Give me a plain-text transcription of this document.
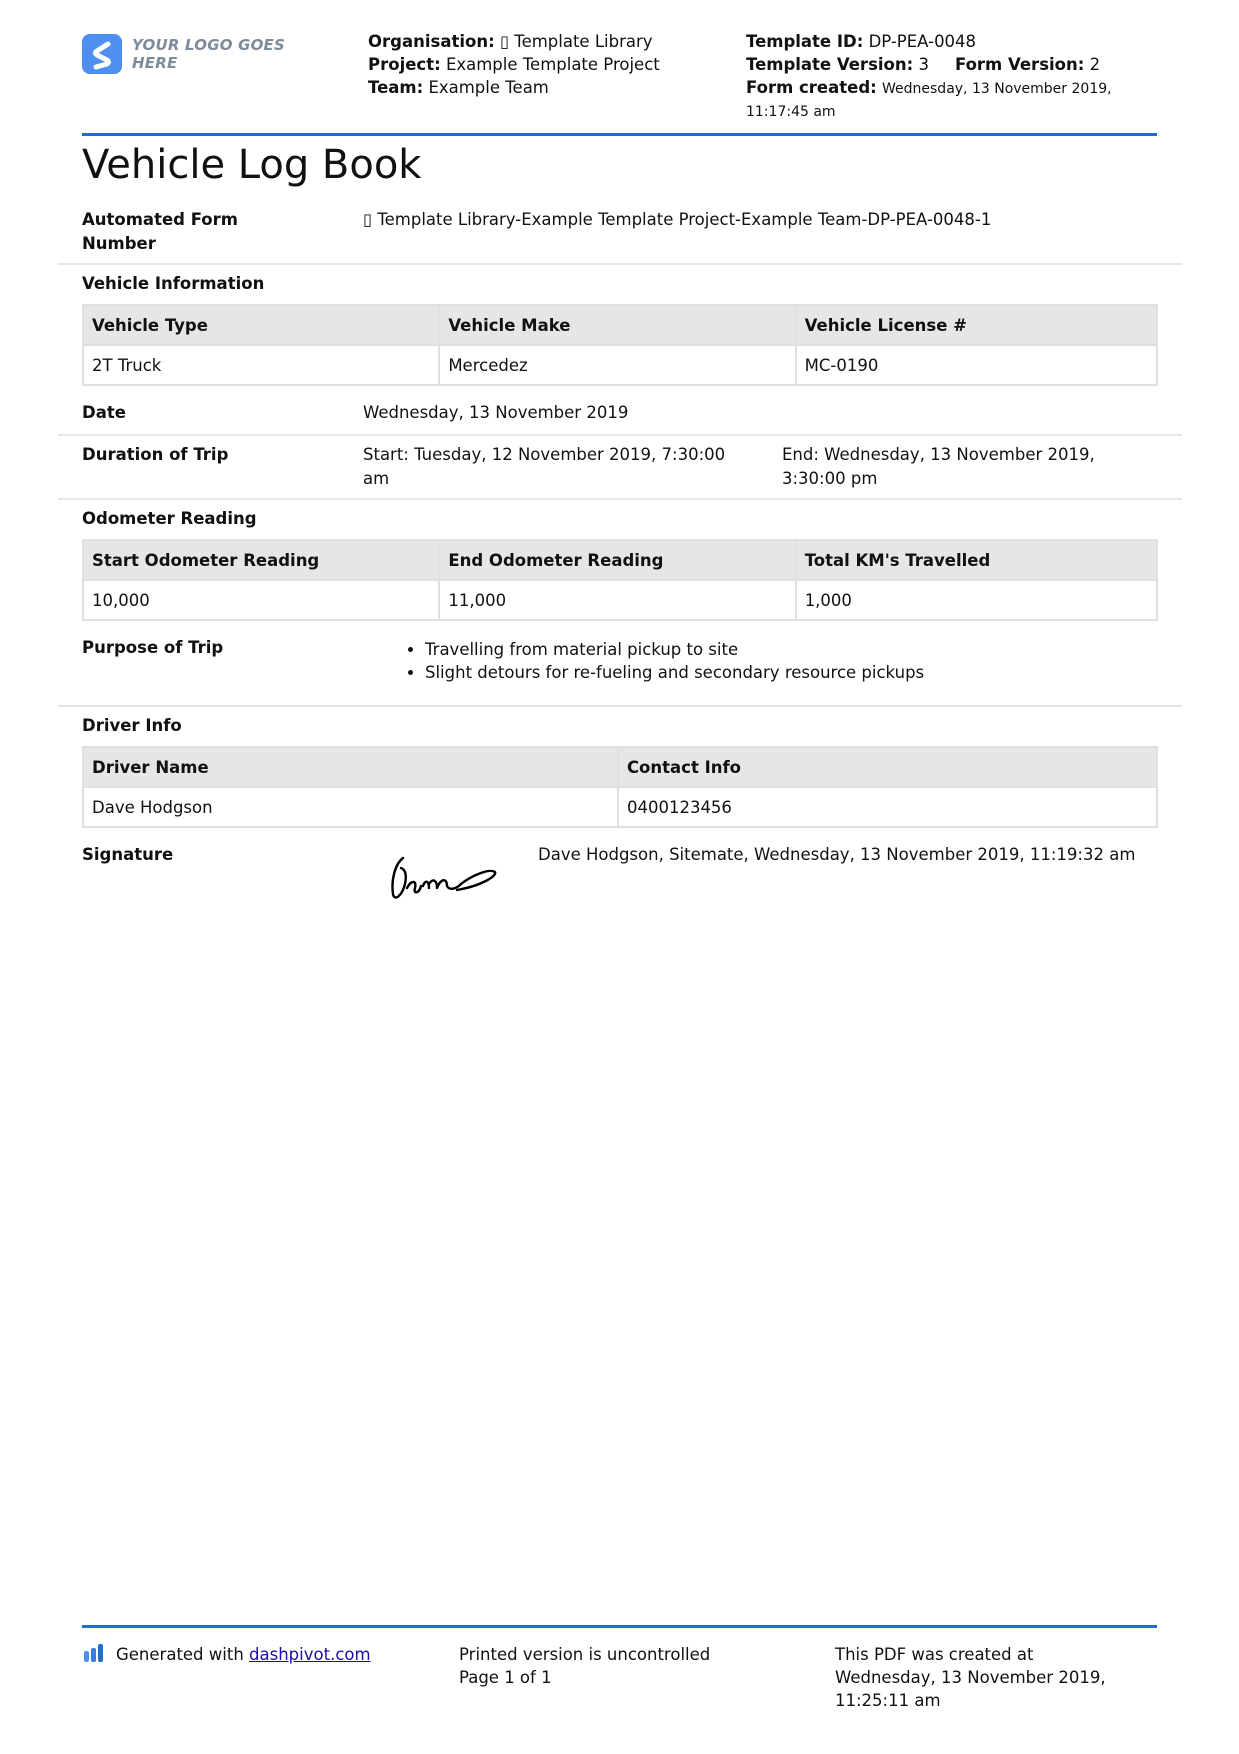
YOUR LOGO GOES HERE
Organisation: ▯ Template Library
Project: Example Template Project
Team: Example Team
Template ID: DP-PEA-0048
Template Version: 3 Form Version: 2
Form created: Wednesday, 13 November 2019,
11:17:45 am
Vehicle Log Book
Automated Form
Number
▯ Template Library-Example Template Project-Example Team-DP-PEA-0048-1
Vehicle Information
Vehicle Type	Vehicle Make	Vehicle License #
2T Truck	Mercedez	MC-0190
Date	Wednesday, 13 November 2019
Duration of Trip	Start: Tuesday, 12 November 2019, 7:30:00
am
End: Wednesday, 13 November 2019,
3:30:00 pm
Odometer Reading
Start Odometer Reading	End Odometer Reading	Total KM's Travelled
10,000	11,000	1,000
Purpose of Trip	• Travelling from material pickup to site
• Slight detours for re-fueling and secondary resource pickups
Driver Info
Driver Name	Contact Info
Dave Hodgson	0400123456
Signature	Dave Hodgson, Sitemate, Wednesday, 13 November 2019, 11:19:32 am
Generated with dashpivot.com	Printed version is uncontrolled
Page 1 of 1
This PDF was created at
Wednesday, 13 November 2019,
11:25:11 am
